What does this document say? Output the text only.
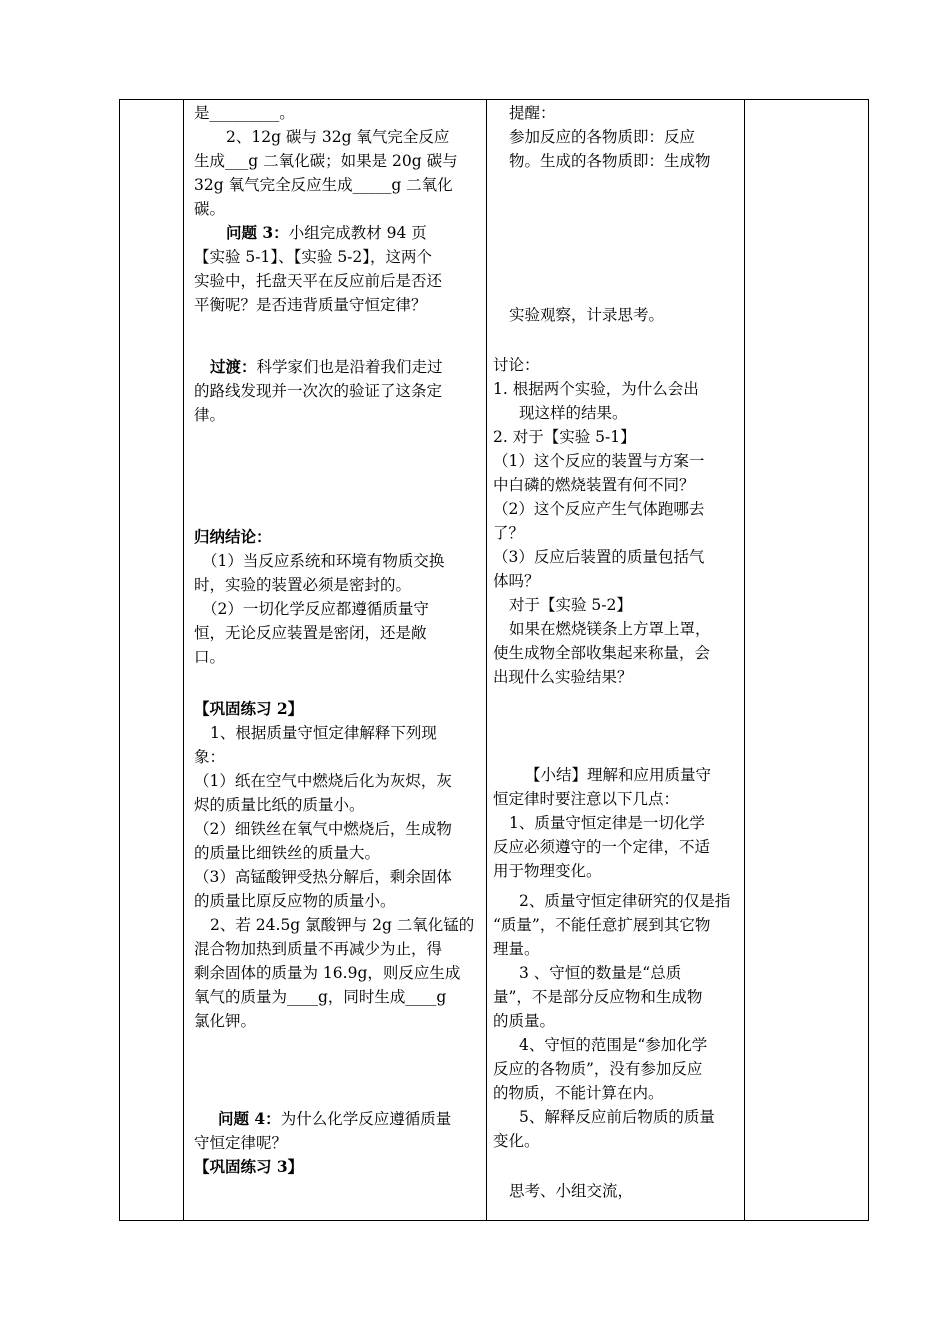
是_________。

2、12g 碳与 32g 氧气完全反应

生成___g 二氧化碳；如果是 20g 碳与

32g 氧气完全反应生成_____g 二氧化

碳。

问题 3：小组完成教材 94 页

【实验 5-1】、【实验 5-2】，这两个

实验中，托盘天平在反应前后是否还

平衡呢？是否违背质量守恒定律？

过渡：科学家们也是沿着我们走过

的路线发现并一次次的验证了这条定

律。

归纳结论：

（1）当反应系统和环境有物质交换

时，实验的装置必须是密封的。

（2）一切化学反应都遵循质量守

恒，无论反应装置是密闭，还是敞

口。

【巩固练习 2】

1、根据质量守恒定律解释下列现

象：

（1）纸在空气中燃烧后化为灰烬，灰

烬的质量比纸的质量小。

（2）细铁丝在氧气中燃烧后，生成物

的质量比细铁丝的质量大。

（3）高锰酸钾受热分解后，剩余固体

的质量比原反应物的质量小。

2、若 24.5g 氯酸钾与 2g 二氧化锰的

混合物加热到质量不再减少为止，得

剩余固体的质量为 16.9g，则反应生成

氧气的质量为____g，同时生成____g

氯化钾。

问题 4：为什么化学反应遵循质量

守恒定律呢？

【巩固练习 3】

提醒：

参加反应的各物质即：反应

物。生成的各物质即：生成物

实验观察，计录思考。

讨论：

1. 根据两个实验，为什么会出

现这样的结果。

2. 对于【实验 5-1】

（1）这个反应的装置与方案一

中白磷的燃烧装置有何不同？

（2）这个反应产生气体跑哪去

了？

（3）反应后装置的质量包括气

体吗？

对于【实验 5-2】

如果在燃烧镁条上方罩上罩，

使生成物全部收集起来称量，会

出现什么实验结果？

【小结】理解和应用质量守

恒定律时要注意以下几点：

1、质量守恒定律是一切化学

反应必须遵守的一个定律，不适

用于物理变化。

2、质量守恒定律研究的仅是指

“质量”，不能任意扩展到其它物

理量。

3 、守恒的数量是“总质

量”，不是部分反应物和生成物

的质量。

4、守恒的范围是“参加化学

反应的各物质”，没有参加反应

的物质，不能计算在内。

5、解释反应前后物质的质量

变化。

思考、小组交流，
